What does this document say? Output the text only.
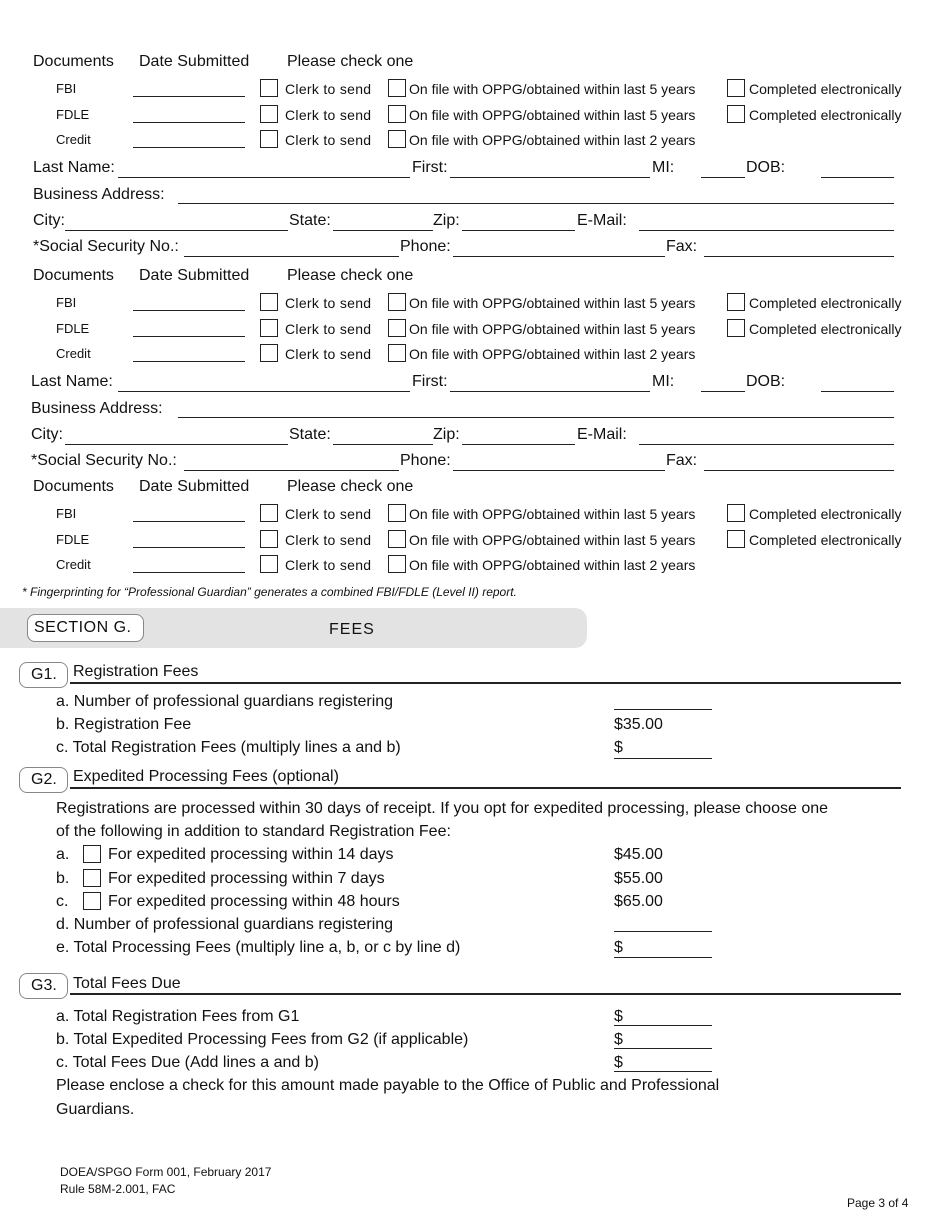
Documents Date Submitted Please check one
FBI	Clerk to send	On file with OPPG/obtained within last 5 years	Completed electronically
FDLE	Clerk to send	On file with OPPG/obtained within last 5 years	Completed electronically
Credit	Clerk to send	On file with OPPG/obtained within last 2 years
Documents Date Submitted Please check one
FBI	Clerk to send	On file with OPPG/obtained within last 5 years	Completed electronically
FDLE	Clerk to send	On file with OPPG/obtained within last 5 years	Completed electronically
Credit	Clerk to send	On file with OPPG/obtained within last 2 years
Documents Date Submitted Please check one
FBI	Clerk to send	On file with OPPG/obtained within last 5 years	Completed electronically
FDLE	Clerk to send	On file with OPPG/obtained within last 5 years	Completed electronically
Credit	Clerk to send	On file with OPPG/obtained within last 2 years
Last Name:	First:	MI:	DOB:
Business Address:
City:	State:	Zip:	E-Mail:
*Social Security No.:	Phone:	Fax:
Last Name:	First:	MI:	DOB:
Business Address:
City:	State:	Zip:	E-Mail:
*Social Security No.:	Phone:	Fax:
SECTION G.	FEES
G1.	Registration Fees
a. Number of professional guardians registering
b. Registration Fee	$35.00
c. Total Registration Fees (multiply lines a and b)	$
G2.	Expedited Processing Fees (optional)
Registrations are processed within 30 days of receipt. If you opt for expedited processing, please choose one
of the following in addition to standard Registration Fee:
a. For expedited processing within 14 days	$45.00
b. For expedited processing within 7 days	$55.00
c. For expedited processing within 48 hours	$65.00
d. Number of professional guardians registering
e. Total Processing Fees (multiply line a, b, or c by line d)	$
G3.	Total Fees Due
a. Total Registration Fees from G1	$
b. Total Expedited Processing Fees from G2 (if applicable)	$
c. Total Fees Due (Add lines a and b)	$
Please enclose a check for this amount made payable to the Office of Public and Professional
Guardians.
* Fingerprinting for “Professional Guardian” generates a combined FBI/FDLE (Level II) report.
DOEA/SPGO Form 001, February 2017
Rule 58M-2.001, FAC
Page 3 of 4
